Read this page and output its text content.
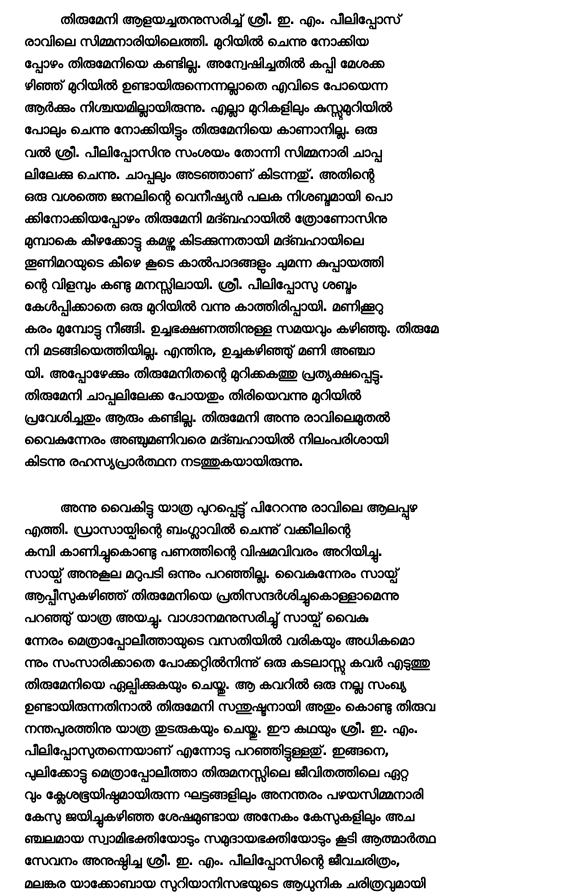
തിരുമേനി ആളയച്ചതനുസരിച്ച് ശ്രീ. ഇ. എം. പീലിപ്പോസ്
രാവിലെ സിമ്മനാരിയിലെത്തി. മുറിയിൽ ചെന്നു നോക്കിയ
പ്പോഴം തിരുമേനിയെ കണ്ടില്ല. അന്വേഷിച്ചതിൽ കപ്പി മേശക്ക
ഴിഞ്ഞ് മുറിയിൽ ഉണ്ടായിരുന്നെന്നല്ലാതെ എവിടെ പോയെന്ന
ആർക്കും നിശ്ചയമില്ലായിരുന്നു. എല്ലാ മുറികളിലും കുസ്സുമുറിയിൽ
പോലും ചെന്നു നോക്കിയിട്ടും തിരുമേനിയെ കാണാനില്ല. ഒരു
വൽ ശ്രീ. പീലിപ്പോസിനു സംശയം തോന്നി സിമ്മനാരി ചാപ്പ
ലിലേക്കു ചെന്നു. ചാപ്പലും അടഞ്ഞാണ് കിടന്നതു്. അതിന്റെ
ഒരു വശത്തെ ജനലിന്റെ വെനീഷ്യൻ പലക നിശബ്ദമായി പൊ
ക്കിനോക്കിയപ്പോഴം തിരുമേനി മദ്ബഹായിൽ ത്രോണോസിനു
മുമ്പാകെ കീഴക്കോട്ടു കമഴ്ന്നു കിടക്കുന്നതായി മദ്ബഹായിലെ
തൂണിമറയുടെ കീഴെ കൂടെ കാൽപാദങ്ങളും ചുമന്ന കുപ്പായത്തി
ന്റെ വിളമ്പും കണ്ടു മനസ്സിലായി. ശ്രീ. പീലിപ്പോസു ശബ്ദം
കേൾപ്പിക്കാതെ ഒരു മുറിയിൽ വന്നു കാത്തിരിപ്പായി. മണിക്കൂറു
കരം മുമ്പോട്ടു നീങ്ങി. ഉച്ചഭക്ഷണത്തിനുള്ള സമയവും കഴിഞ്ഞു. തിരുമേ
നി മടങ്ങിയെത്തിയില്ല. എന്തിനു, ഉച്ചകഴിഞ്ഞു് മണി അഞ്ചാ
യി. അപ്പോഴേക്കും തിരുമേനിതന്റെ മുറിക്കകത്തു പ്രത്യക്ഷപ്പെട്ടു.
തിരുമേനി ചാപ്പലിലേക്ക പോയതും തിരിയെവന്നു മുറിയിൽ
പ്രവേശിച്ചതും ആരും കണ്ടില്ല. തിരുമേനി അന്നു രാവിലെമുതൽ
വൈകുന്നേരം അഞ്ചുമണിവരെ മദ്ബഹായിൽ നിലംപരിശായി
കിടന്നു രഹസ്യപ്രാർത്ഥന നടത്തുകയായിരുന്നു.
അന്നു വൈകിട്ടു യാത്ര പുറപ്പെട്ടു് പിറേറന്നു രാവിലെ ആലപ്പുഴ
എത്തി. ഡ്രാസായ്പിന്റെ ബംഗ്ലാവിൽ ചെന്നു് വക്കീലിന്റെ
കമ്പി കാണിച്ചുകൊണ്ടു പണത്തിന്റെ വിഷമവിവരം അറിയിച്ചു.
സായ്പ് അനുകൂല മറുപടി ഒന്നും പറഞ്ഞില്ല. വൈകുന്നേരം സായ്പ്
ആപ്പീസുകഴിഞ്ഞ് തിരുമേനിയെ പ്രതിസന്ദർശിച്ചുകൊള്ളാമെന്നു
പറഞ്ഞു് യാത്ര അയച്ചു. വാഗ്ദാനമനുസരിച്ചു് സായ്പ് വൈകു
ന്നേരം മെത്രാപ്പോലീത്തായുടെ വസതിയിൽ വരികയും അധികമൊ
ന്നും സംസാരിക്കാതെ പോക്കറ്റിൽനിന്നു് ഒരു കടലാസ്സു കവർ എടുത്തു
തിരുമേനിയെ ഏല്പിക്കുകയും ചെയ്തു. ആ കവറിൽ ഒരു നല്ല സംഖ്യ
ഉണ്ടായിരുന്നതിനാൽ തിരുമേനി സന്തുഷ്ടനായി അതും കൊണ്ടു തിരുവ
നന്തപുരത്തിനു യാത്ര തുടരുകയും ചെയ്തു. ഈ കഥയും ശ്രീ. ഇ. എം.
പീലിപ്പോസുതന്നെയാണ് എന്നോടു പറഞ്ഞിട്ടുള്ളതു്. ഇങ്ങനെ,
പുലിക്കോട്ടു മെത്രാപ്പോലീത്താ തിരുമനസ്സിലെ ജീവിതത്തിലെ ഏറ്റ
വും ക്ലേശഭൂയിഷ്ഠമായിരുന്ന ഘട്ടങ്ങളിലും അനന്തരം പഴയസിമ്മനാരി
കേസു ജയിച്ചുകഴിഞ്ഞ ശേഷമുണ്ടായ അനേകം കേസുകളിലും അച
ഞ്ചലമായ സ്വാമിഭക്തിയോടും സമുദായഭക്തിയോടും കൂടി ആത്മാർത്ഥ
സേവനം അനുഷ്ഠിച്ച ശ്രീ. ഇ. എം. പീലിപ്പോസിന്റെ ജീവചരിത്രം,
മലങ്കര യാക്കോബായ സുറിയാനിസഭയുടെ ആധുനിക ചരിത്രവുമായി
